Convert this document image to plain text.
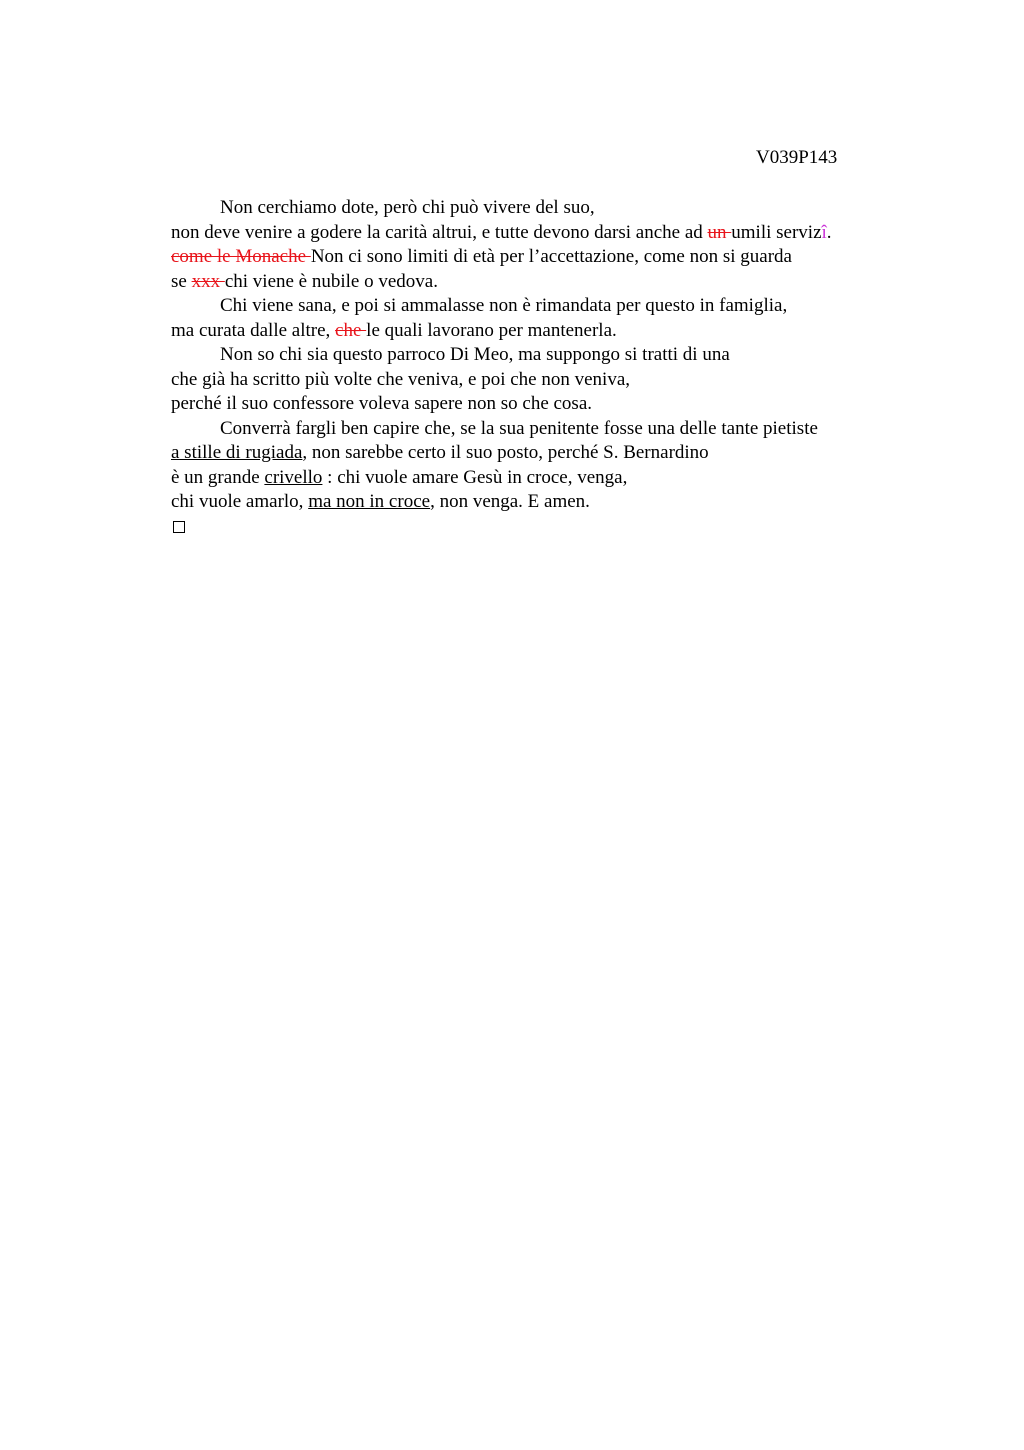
V039P143
Non cerchiamo dote, però chi può vivere del suo,
non deve venire a godere la carità altrui, e tutte devono darsi anche ad un umili servizî.
come le Monache Non ci sono limiti di età per l’accettazione, come non si guarda
se xxx chi viene è nubile o vedova.
Chi viene sana, e poi si ammalasse non è rimandata per questo in famiglia,
ma curata dalle altre, che le quali lavorano per mantenerla.
Non so chi sia questo parroco Di Meo, ma suppongo si tratti di una
che già ha scritto più volte che veniva, e poi che non veniva,
perché il suo confessore voleva sapere non so che cosa.
Converrà fargli ben capire che, se la sua penitente fosse una delle tante pietiste
a stille di rugiada, non sarebbe certo il suo posto, perché S. Bernardino
è un grande crivello : chi vuole amare Gesù in croce, venga,
chi vuole amarlo, ma non in croce, non venga. E amen.
